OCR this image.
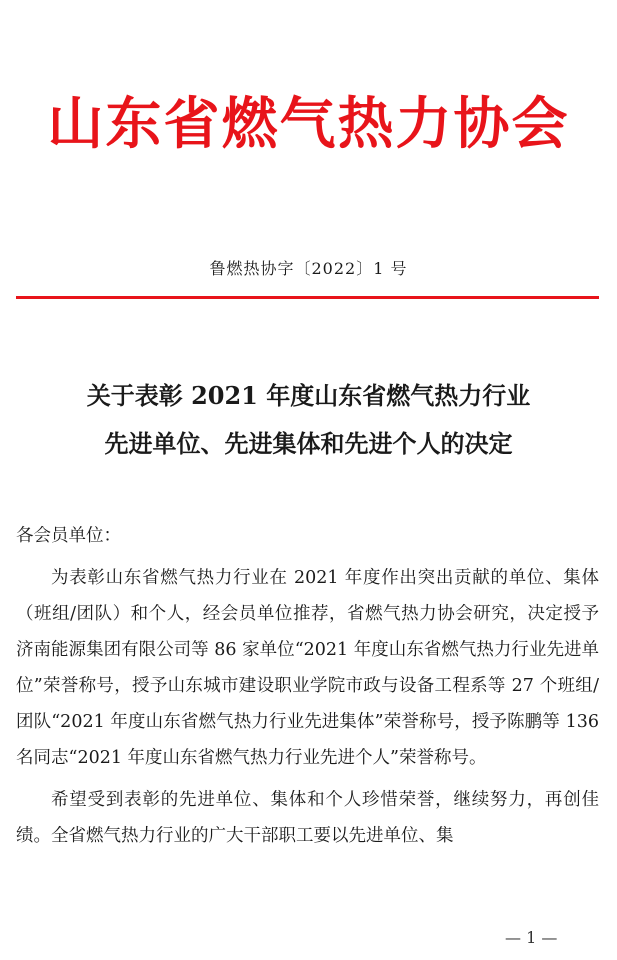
山东省燃气热力协会
鲁燃热协字〔2022〕1 号
关于表彰 2021 年度山东省燃气热力行业
先进单位、先进集体和先进个人的决定

各会员单位：

为表彰山东省燃气热力行业在 2021 年度作出突出贡献的单位、集体（班组/团队）和个人，经会员单位推荐，省燃气热力协会研究，决定授予济南能源集团有限公司等 86 家单位“2021 年度山东省燃气热力行业先进单位”荣誉称号，授予山东城市建设职业学院市政与设备工程系等 27 个班组/团队“2021 年度山东省燃气热力行业先进集体”荣誉称号，授予陈鹏等 136 名同志“2021 年度山东省燃气热力行业先进个人”荣誉称号。

希望受到表彰的先进单位、集体和个人珍惜荣誉，继续努力，再创佳绩。全省燃气热力行业的广大干部职工要以先进单位、集

— 1 —
